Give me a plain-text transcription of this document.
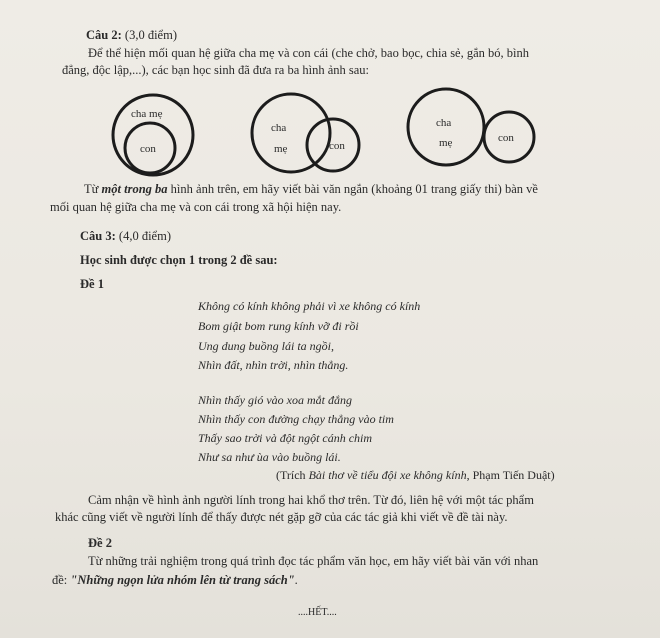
Câu 2: (3,0 điểm)
Để thể hiện mối quan hệ giữa cha mẹ và con cái (che chở, bao bọc, chia sẻ, gắn bó, bình
đẳng, độc lập,...), các bạn học sinh đã đưa ra ba hình ảnh sau:
cha mẹ
con
cha
mẹ	con
cha
mẹ	con
Từ một trong ba hình ảnh trên, em hãy viết bài văn ngắn (khoảng 01 trang giấy thi) bàn về
mối quan hệ giữa cha mẹ và con cái trong xã hội hiện nay.
Câu 3: (4,0 điểm)
Học sinh được chọn 1 trong 2 đề sau:
Đề 1
Không có kính không phải vì xe không có kính
Bom giật bom rung kính vỡ đi rồi
Ung dung buồng lái ta ngồi,
Nhìn đất, nhìn trời, nhìn thẳng.
Nhìn thấy gió vào xoa mắt đắng
Nhìn thấy con đường chạy thẳng vào tim
Thấy sao trời và đột ngột cánh chim
Như sa như ùa vào buồng lái.
(Trích Bài thơ về tiểu đội xe không kính, Phạm Tiến Duật)
Cảm nhận về hình ảnh người lính trong hai khổ thơ trên. Từ đó, liên hệ với một tác phẩm
khác cũng viết về người lính để thấy được nét gặp gỡ của các tác giả khi viết về đề tài này.
Đề 2
Từ những trải nghiệm trong quá trình đọc tác phẩm văn học, em hãy viết bài văn với nhan
đề: "Những ngọn lửa nhóm lên từ trang sách".
....HẾT....
